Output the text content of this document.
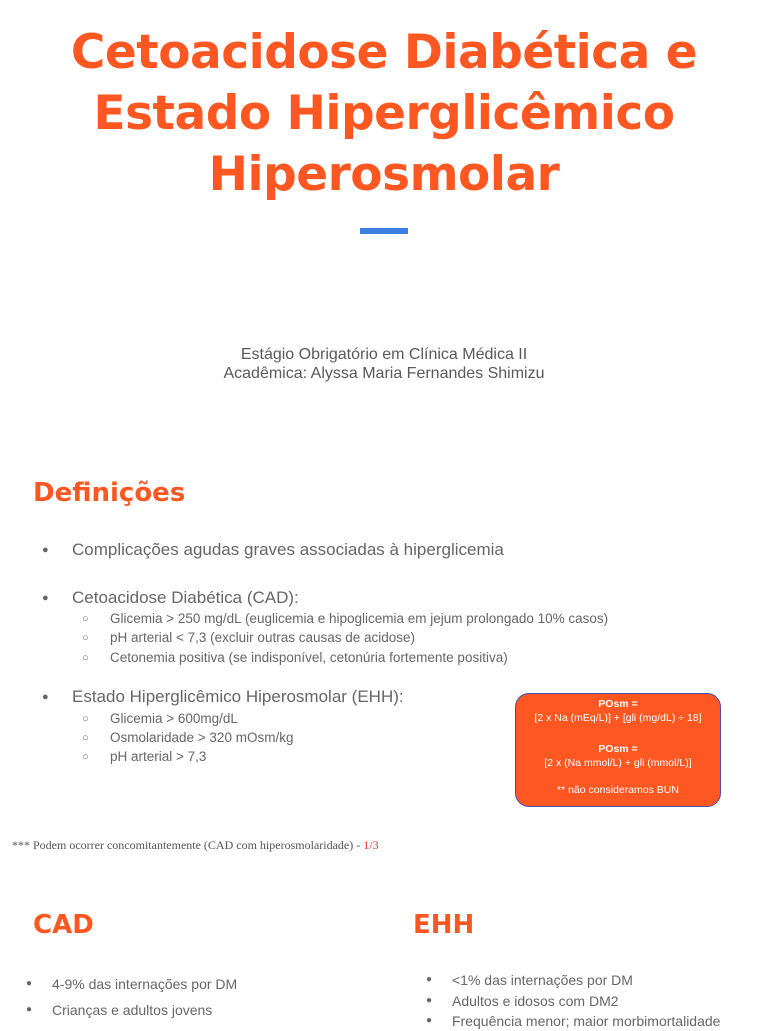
Cetoacidose Diabética e
Estado Hiperglicêmico
Hiperosmolar
Estágio Obrigatório em Clínica Médica II
Acadêmica: Alyssa Maria Fernandes Shimizu
Definições
● Complicações agudas graves associadas à hiperglicemia
● Cetoacidose Diabética (CAD):
○ Glicemia > 250 mg/dL (euglicemia e hipoglicemia em jejum prolongado 10% casos)
○ pH arterial < 7,3 (excluir outras causas de acidose)
○ Cetonemia positiva (se indisponível, cetonúria fortemente positiva)
● Estado Hiperglicêmico Hiperosmolar (EHH):
○ Glicemia > 600mg/dL
○ Osmolaridade > 320 mOsm/kg
○ pH arterial > 7,3
POsm =
[2 x Na (mEq/L)] + [gli (mg/dL) ÷ 18]
POsm =
[2 x (Na mmol/L) + gli (mmol/L)]
** não consideramos BUN
*** Podem ocorrer concomitantemente (CAD com hiperosmolaridade) - 1/3
CAD
● 4-9% das internações por DM
● Crianças e adultos jovens
EHH
● <1% das internações por DM
● Adultos e idosos com DM2
● Frequência menor; maior morbimortalidade
